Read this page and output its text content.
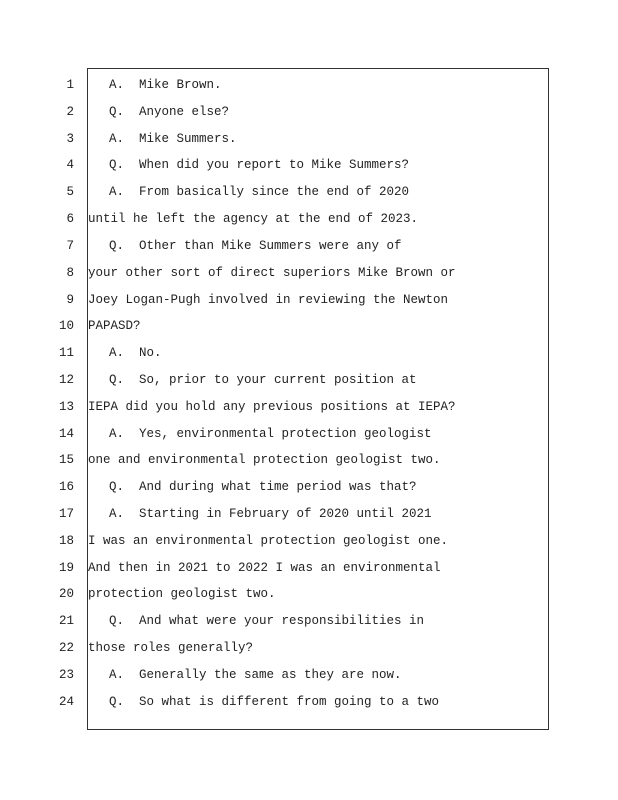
1	A.  Mike Brown.
2	Q.  Anyone else?
3	A.  Mike Summers.
4	Q.  When did you report to Mike Summers?
5	A.  From basically since the end of 2020
6 until he left the agency at the end of 2023.
7	Q.  Other than Mike Summers were any of
8 your other sort of direct superiors Mike Brown or
9 Joey Logan-Pugh involved in reviewing the Newton
10 PAPASD?
11	A.  No.
12	Q.  So, prior to your current position at
13 IEPA did you hold any previous positions at IEPA?
14	A.  Yes, environmental protection geologist
15 one and environmental protection geologist two.
16	Q.  And during what time period was that?
17	A.  Starting in February of 2020 until 2021
18 I was an environmental protection geologist one.
19 And then in 2021 to 2022 I was an environmental
20 protection geologist two.
21	Q.  And what were your responsibilities in
22 those roles generally?
23	A.  Generally the same as they are now.
24	Q.  So what is different from going to a two
